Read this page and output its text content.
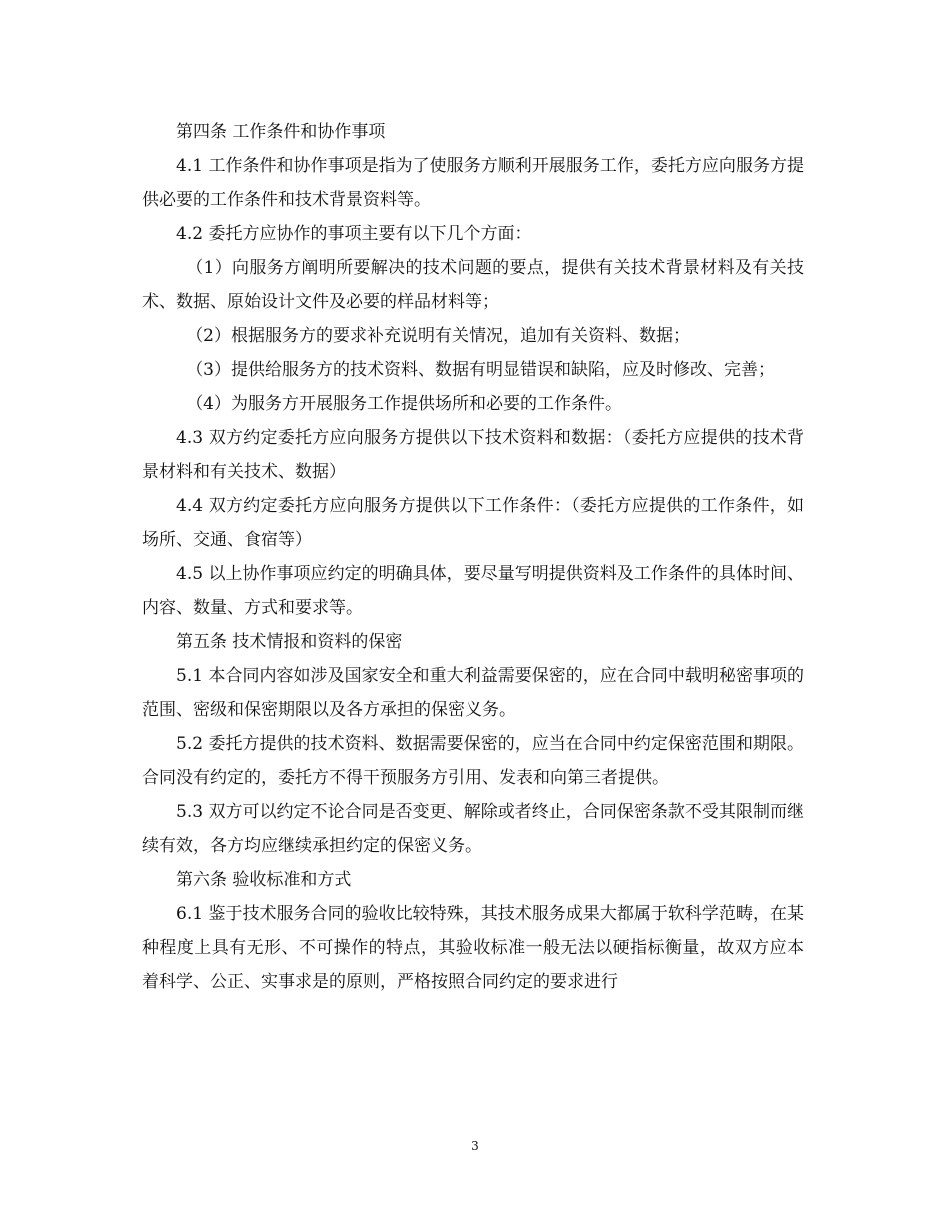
第四条 工作条件和协作事项

4.1 工作条件和协作事项是指为了使服务方顺利开展服务工作，委托方应向服务方提供必要的工作条件和技术背景资料等。

4.2 委托方应协作的事项主要有以下几个方面：

（1）向服务方阐明所要解决的技术问题的要点，提供有关技术背景材料及有关技术、数据、原始设计文件及必要的样品材料等；

（2）根据服务方的要求补充说明有关情况，追加有关资料、数据；

（3）提供给服务方的技术资料、数据有明显错误和缺陷，应及时修改、完善；

（4）为服务方开展服务工作提供场所和必要的工作条件。

4.3 双方约定委托方应向服务方提供以下技术资料和数据：（委托方应提供的技术背景材料和有关技术、数据）

4.4 双方约定委托方应向服务方提供以下工作条件：（委托方应提供的工作条件，如场所、交通、食宿等）

4.5 以上协作事项应约定的明确具体，要尽量写明提供资料及工作条件的具体时间、内容、数量、方式和要求等。

第五条 技术情报和资料的保密

5.1 本合同内容如涉及国家安全和重大利益需要保密的，应在合同中载明秘密事项的范围、密级和保密期限以及各方承担的保密义务。

5.2 委托方提供的技术资料、数据需要保密的，应当在合同中约定保密范围和期限。合同没有约定的，委托方不得干预服务方引用、发表和向第三者提供。

5.3 双方可以约定不论合同是否变更、解除或者终止，合同保密条款不受其限制而继续有效，各方均应继续承担约定的保密义务。

第六条 验收标准和方式

6.1 鉴于技术服务合同的验收比较特殊，其技术服务成果大都属于软科学范畴，在某种程度上具有无形、不可操作的特点，其验收标准一般无法以硬指标衡量，故双方应本着科学、公正、实事求是的原则，严格按照合同约定的要求进行

3
